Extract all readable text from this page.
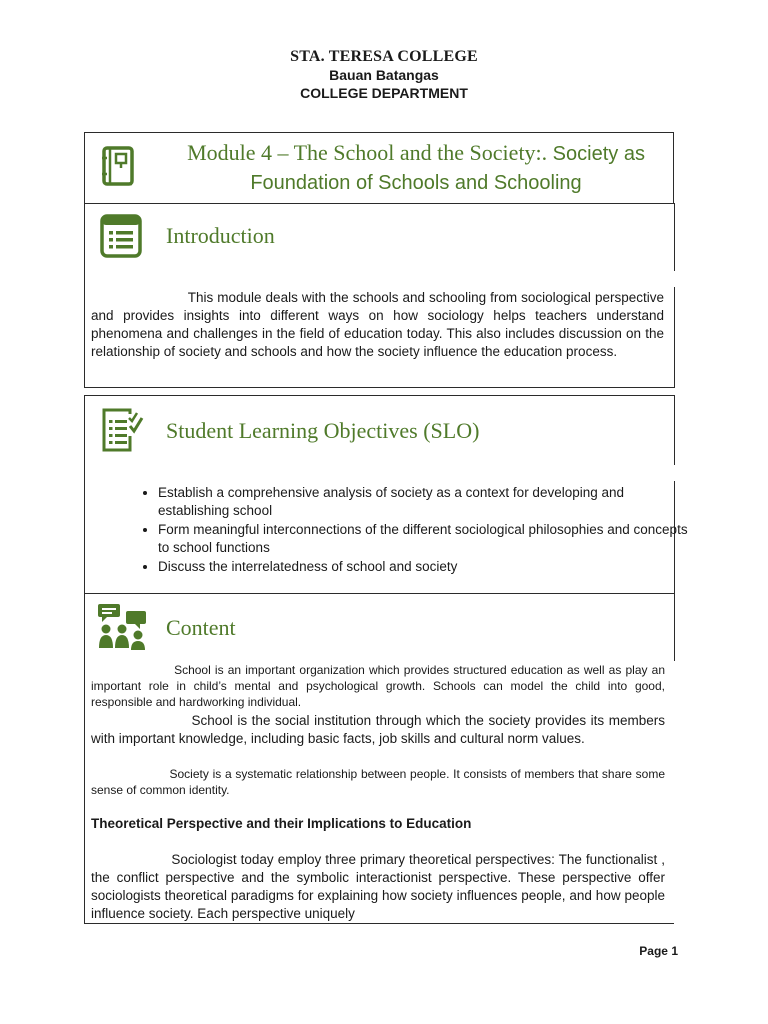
STA. TERESA COLLEGE
Bauan Batangas
COLLEGE DEPARTMENT
Module 4 – The School and the Society:. Society as Foundation of Schools and Schooling
Introduction

This module deals with the schools and schooling from sociological perspective and provides insights into different ways on how sociology helps teachers understand phenomena and challenges in the field of education today. This also includes discussion on the relationship of society and schools and how the society influence the education process.

Student Learning Objectives (SLO)
• Establish a comprehensive analysis of society as a context for developing and establishing school
• Form meaningful interconnections of the different sociological philosophies and concepts to school functions
• Discuss the interrelatedness of school and society
Content

School is an important organization which provides structured education as well as play an important role in child’s mental and psychological growth. Schools can model the child into good, responsible and hardworking individual.

School is the social institution through which the society provides its members with important knowledge, including basic facts, job skills and cultural norm values.

Society is a systematic relationship between people. It consists of members that share some sense of common identity.

Theoretical Perspective and their Implications to Education

Sociologist today employ three primary theoretical perspectives: The functionalist , the conflict perspective and the symbolic interactionist perspective. These perspective offer sociologists theoretical paradigms for explaining how society influences people, and how people influence society. Each perspective uniquely

Page 1
